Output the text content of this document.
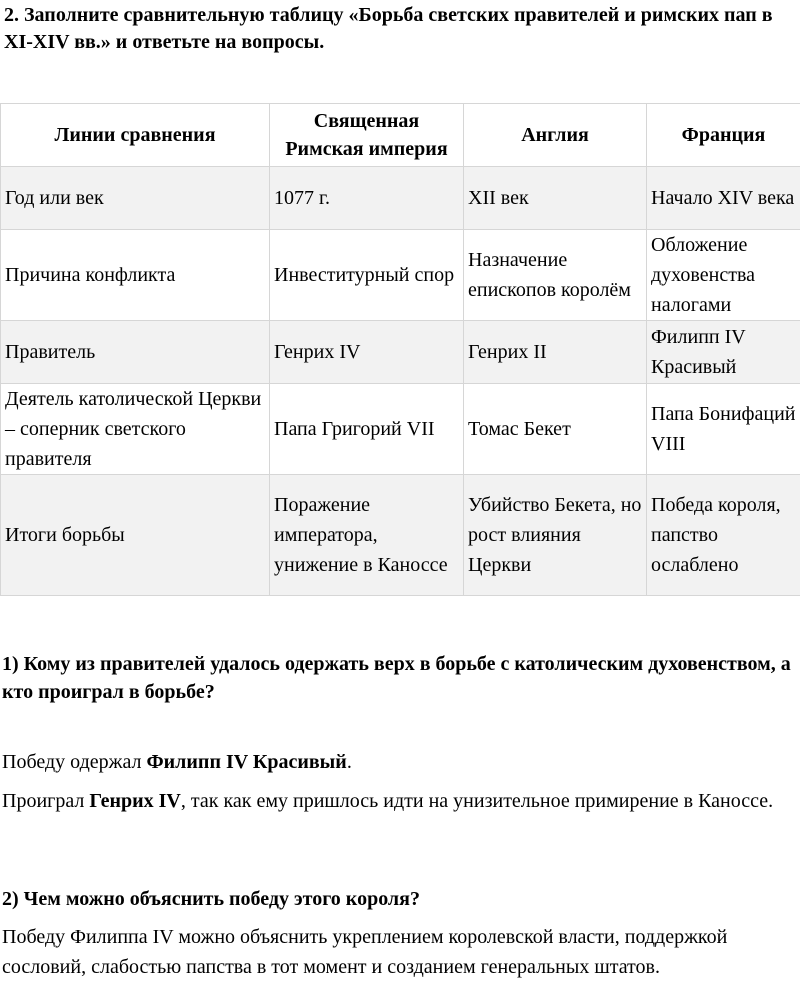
2. Заполните сравнительную таблицу «Борьба светских правителей и римских пап в XI-XIV вв.» и ответьте на вопросы.

Линии сравнения	Священная Римская империя	Англия	Франция
Год или век	1077 г.	XII век	Начало XIV века
Причина конфликта	Инвеститурный спор	Назначение епископов королём	Обложение духовенства налогами
Правитель	Генрих IV	Генрих II	Филипп IV Красивый
Деятель католической Церкви – соперник светского правителя	Папа Григорий VII	Томас Бекет	Папа Бонифаций VIII
Итоги борьбы	Поражение императора, унижение в Каноссе	Убийство Бекета, но рост влияния Церкви	Победа короля, папство ослаблено

1) Кому из правителей удалось одержать верх в борьбе с католическим духовенством, а кто проиграл в борьбе?

Победу одержал Филипп IV Красивый.

Проиграл Генрих IV, так как ему пришлось идти на унизительное примирение в Каноссе.

2) Чем можно объяснить победу этого короля?

Победу Филиппа IV можно объяснить укреплением королевской власти, поддержкой сословий, слабостью папства в тот момент и созданием генеральных штатов.
